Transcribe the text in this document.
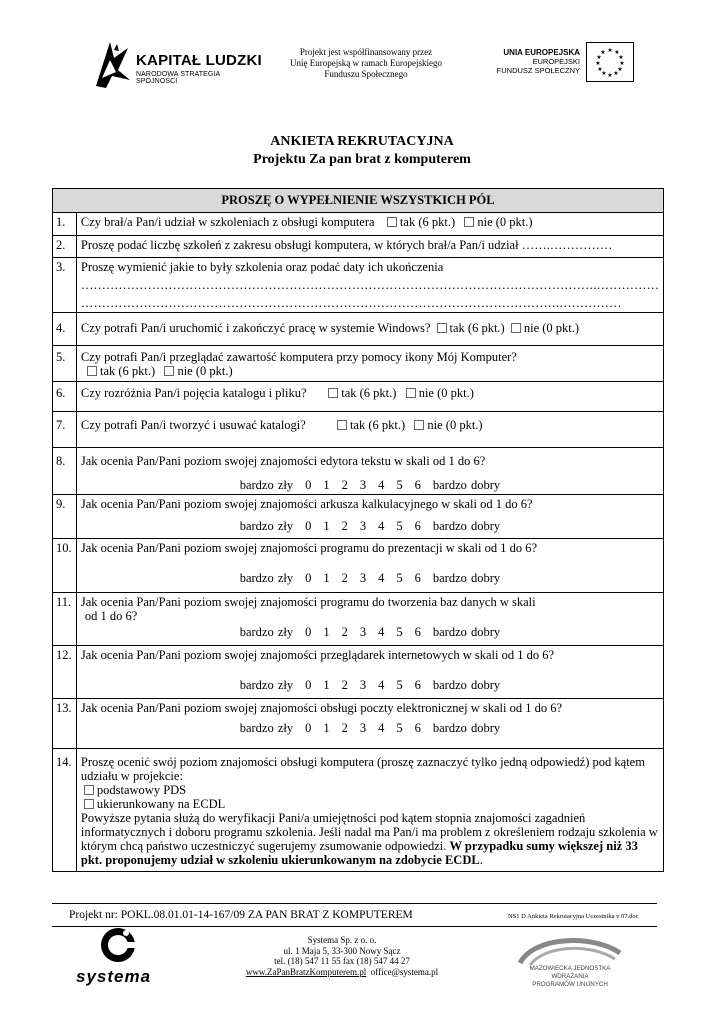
KAPITAŁ LUDZKI
NARODOWA STRATEGIA SPÓJNOŚCI
Projekt jest współfinansowany przez
Unię Europejską w ramach Europejskiego
Funduszu Społecznego
UNIA EUROPEJSKA
EUROPEJSKI
FUNDUSZ SPOŁECZNY
★ ★
★
★
★
★
★
★
★
★
★
★
ANKIETA REKRUTACYJNA
Projektu Za pan brat z komputerem
PROSZĘ O WYPEŁNIENIE WSZYSTKICH PÓL	
1.	Czy brał/a Pan/i udział w szkoleniach z obsługi komputera tak (6 pkt.) nie (0 pkt.)
2.	Proszę podać liczbę szkoleń z zakresu obsługi komputera, w których brał/a Pan/i udział …….……………
3.	Proszę wymienić jakie to były szkolenia oraz podać daty ich ukończenia
…………………………………………………………………………………………………………….……………
…………………………………………………………………………………………………….……………

4.	Czy potrafi Pan/i uruchomić i zakończyć pracę w systemie Windows? tak (6 pkt.) nie (0 pkt.)
5.	Czy potrafi Pan/i przeglądać zawartość komputera przy pomocy ikony Mój Komputer?
tak (6 pkt.) nie (0 pkt.)

6.	Czy rozróżnia Pan/i pojęcia katalogu i pliku? tak (6 pkt.) nie (0 pkt.)
7.	Czy potrafi Pan/i tworzyć i usuwać katalogi? tak (6 pkt.) nie (0 pkt.)
8.	Jak ocenia Pan/Pani poziom swojej znajomości edytora tekstu w skali od 1 do 6?
bardzo zły 0 1 2 3 4 5 6 bardzo dobry

9.	Jak ocenia Pan/Pani poziom swojej znajomości arkusza kalkulacyjnego w skali od 1 do 6?
bardzo zły 0 1 2 3 4 5 6 bardzo dobry

10.	Jak ocenia Pan/Pani poziom swojej znajomości programu do prezentacji w skali od 1 do 6?
bardzo zły 0 1 2 3 4 5 6 bardzo dobry

11.	Jak ocenia Pan/Pani poziom swojej znajomości programu do tworzenia baz danych w skali
od 1 do 6?
bardzo zły 0 1 2 3 4 5 6 bardzo dobry

12.	Jak ocenia Pan/Pani poziom swojej znajomości przeglądarek internetowych w skali od 1 do 6?
bardzo zły 0 1 2 3 4 5 6 bardzo dobry

13.	Jak ocenia Pan/Pani poziom swojej znajomości obsługi poczty elektronicznej w skali od 1 do 6?
bardzo zły 0 1 2 3 4 5 6 bardzo dobry

14.	Proszę ocenić swój poziom znajomości obsługi komputera (proszę zaznaczyć tylko jedną odpowiedź) pod kątem udziału w projekcie:
podstawowy PDS
ukierunkowany na ECDL
Powyższe pytania służą do weryfikacji Pani/a umiejętności pod kątem stopnia znajomości zagadnień informatycznych i doboru programu szkolenia. Jeśli nadal ma Pan/i ma problem z określeniem rodzaju szkolenia w którym chcą państwo uczestniczyć sugerujemy zsumowanie odpowiedzi. W przypadku sumy większej niż 33 pkt. proponujemy udział w szkoleniu ukierunkowanym na zdobycie ECDL.
Projekt nr: POKL.08.01.01-14-167/09 ZA PAN BRAT Z KOMPUTEREM	NS1 D Ankieta Rekrutacyjna Uczestnika v 07.doc
systema
Systema Sp. z o. o.
ul. 1 Maja 5, 33-300 Nowy Sącz
tel. (18) 547 11 55 fax (18) 547 44 27
www.ZaPanBratzKomputerem.pl office@systema.pl	MAZOWIECKA JEDNOSTKA
WDRAŻANIA
PROGRAMÓW UNIJNYCH
